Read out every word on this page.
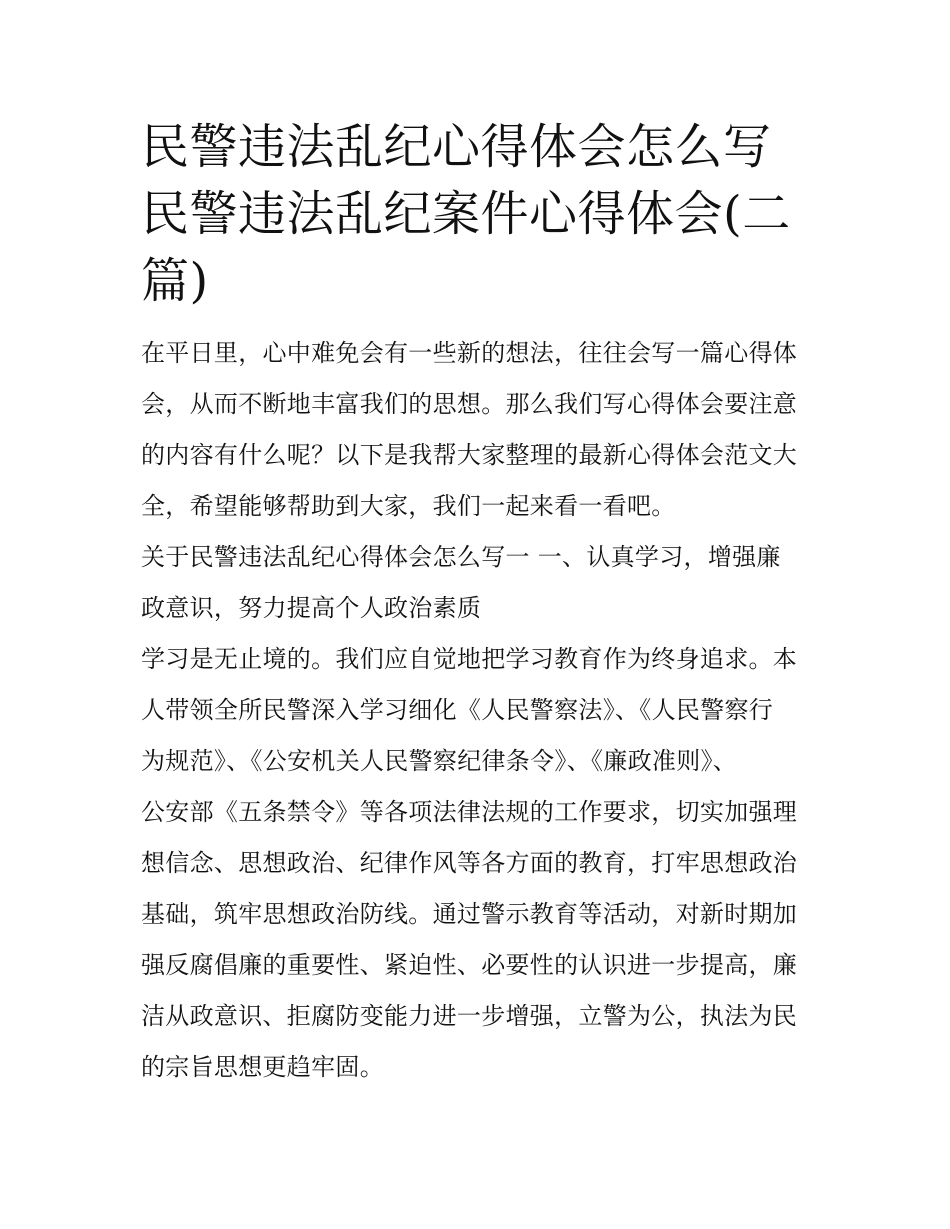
民警违法乱纪心得体会怎么写
民警违法乱纪案件心得体会(二
篇)
在平日里，心中难免会有一些新的想法，往往会写一篇心得体
会，从而不断地丰富我们的思想。那么我们写心得体会要注意
的内容有什么呢？以下是我帮大家整理的最新心得体会范文大
全，希望能够帮助到大家，我们一起来看一看吧。
关于民警违法乱纪心得体会怎么写一 一、认真学习，增强廉
政意识，努力提高个人政治素质
学习是无止境的。我们应自觉地把学习教育作为终身追求。本
人带领全所民警深入学习细化《人民警察法》、《人民警察行
为规范》、《公安机关人民警察纪律条令》、《廉政准则》、
公安部《五条禁令》等各项法律法规的工作要求，切实加强理
想信念、思想政治、纪律作风等各方面的教育，打牢思想政治
基础，筑牢思想政治防线。通过警示教育等活动，对新时期加
强反腐倡廉的重要性、紧迫性、必要性的认识进一步提高，廉
洁从政意识、拒腐防变能力进一步增强，立警为公，执法为民
的宗旨思想更趋牢固。
